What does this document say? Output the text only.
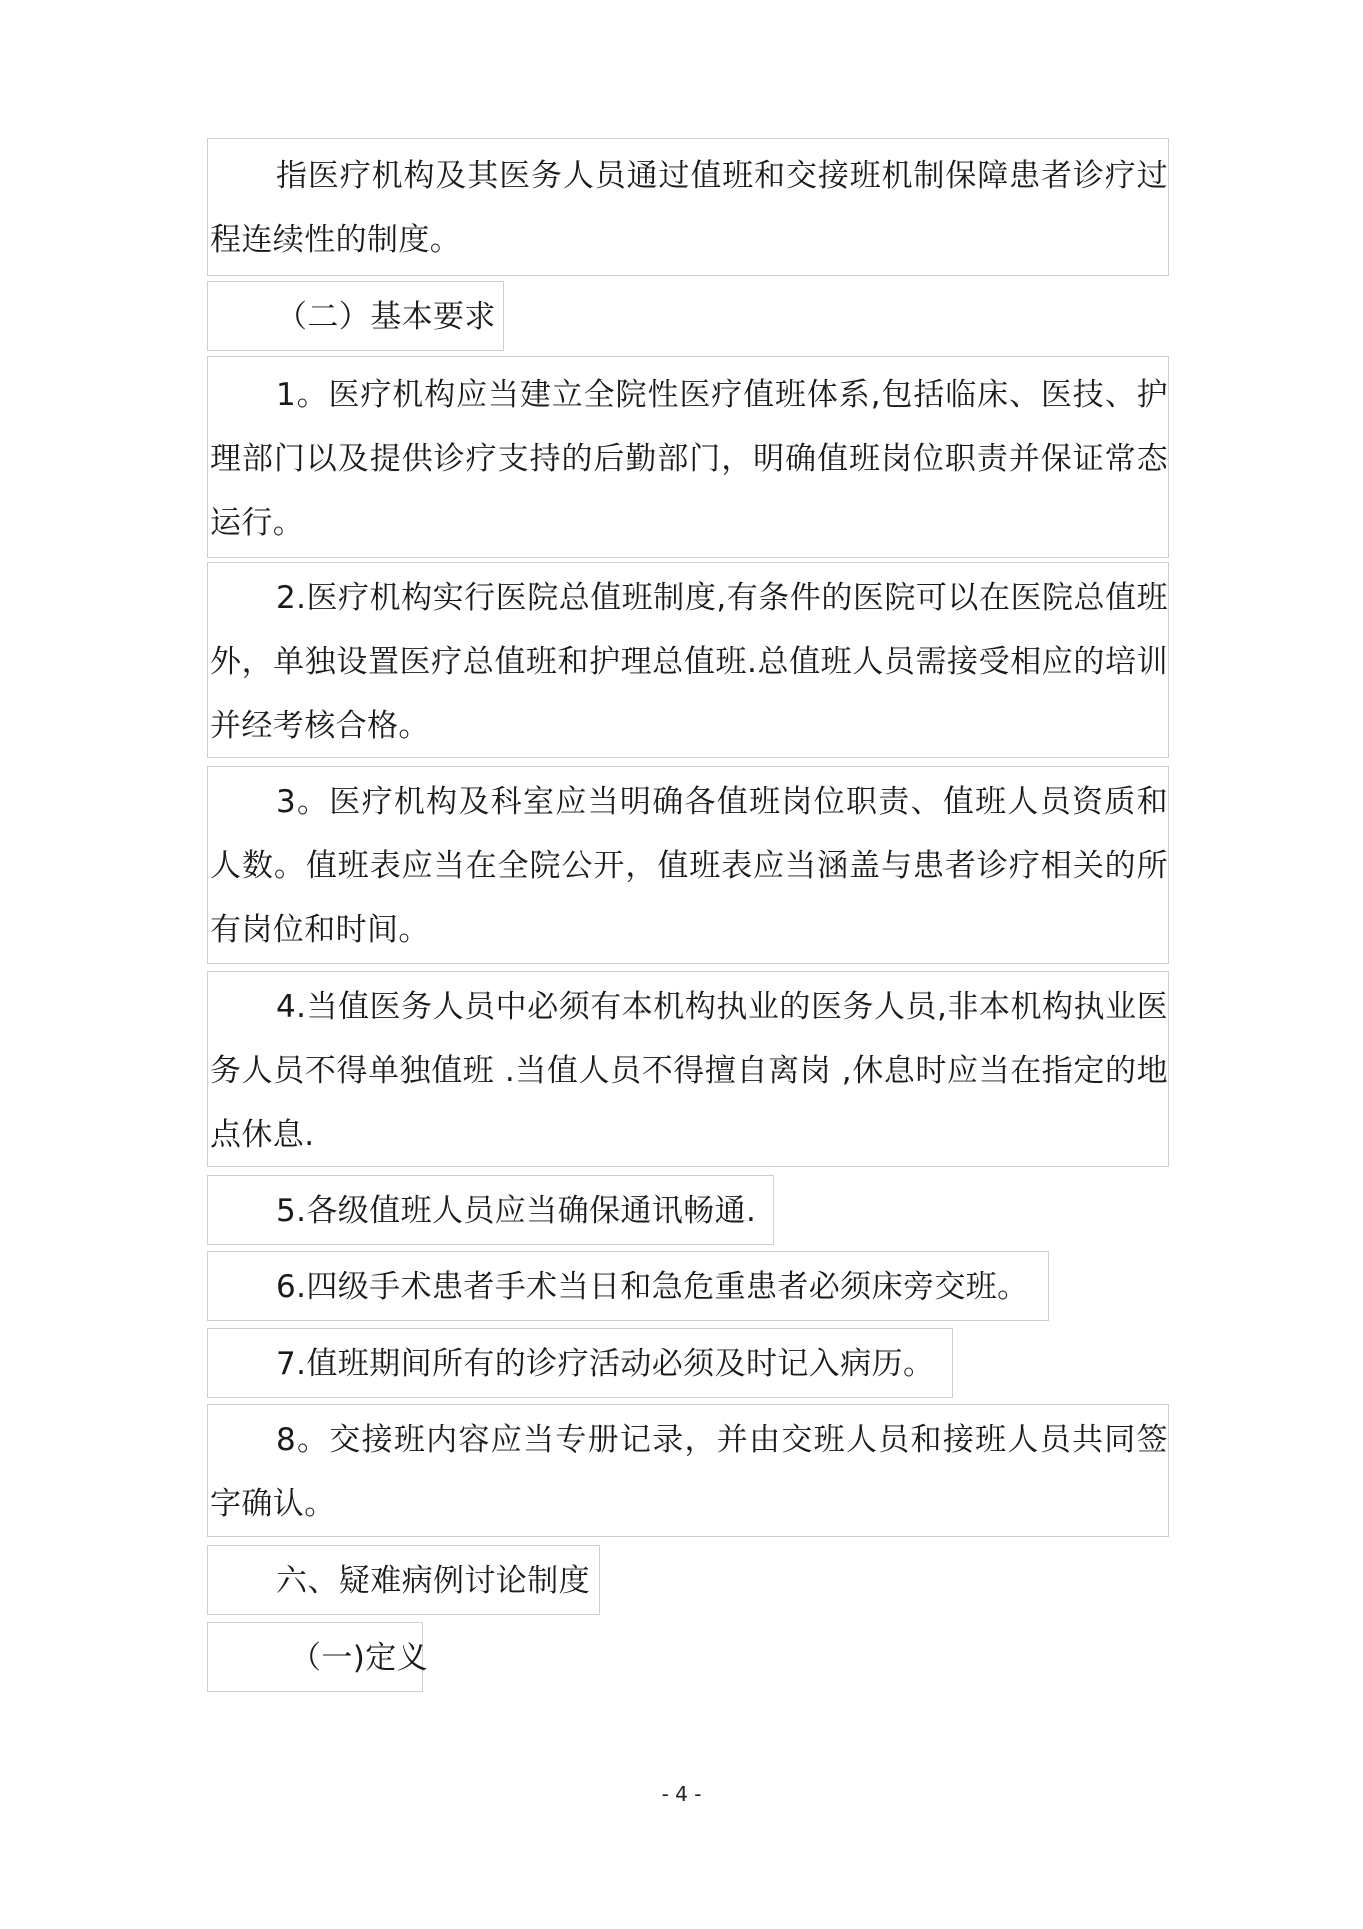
指医疗机构及其医务人员通过值班和交接班机制保障患者诊疗过程连续性的制度。

（二）基本要求

1。医疗机构应当建立全院性医疗值班体系,包括临床、医技、护理部门以及提供诊疗支持的后勤部门，明确值班岗位职责并保证常态运行。

2.医疗机构实行医院总值班制度,有条件的医院可以在医院总值班外，单独设置医疗总值班和护理总值班.总值班人员需接受相应的培训并经考核合格。

3。医疗机构及科室应当明确各值班岗位职责、值班人员资质和人数。值班表应当在全院公开，值班表应当涵盖与患者诊疗相关的所有岗位和时间。

4.当值医务人员中必须有本机构执业的医务人员,非本机构执业医务人员不得单独值班 .当值人员不得擅自离岗 ,休息时应当在指定的地点休息.

5.各级值班人员应当确保通讯畅通.

6.四级手术患者手术当日和急危重患者必须床旁交班。

7.值班期间所有的诊疗活动必须及时记入病历。

8。交接班内容应当专册记录，并由交班人员和接班人员共同签字确认。

六、疑难病例讨论制度

（一)定义

- 4 -
